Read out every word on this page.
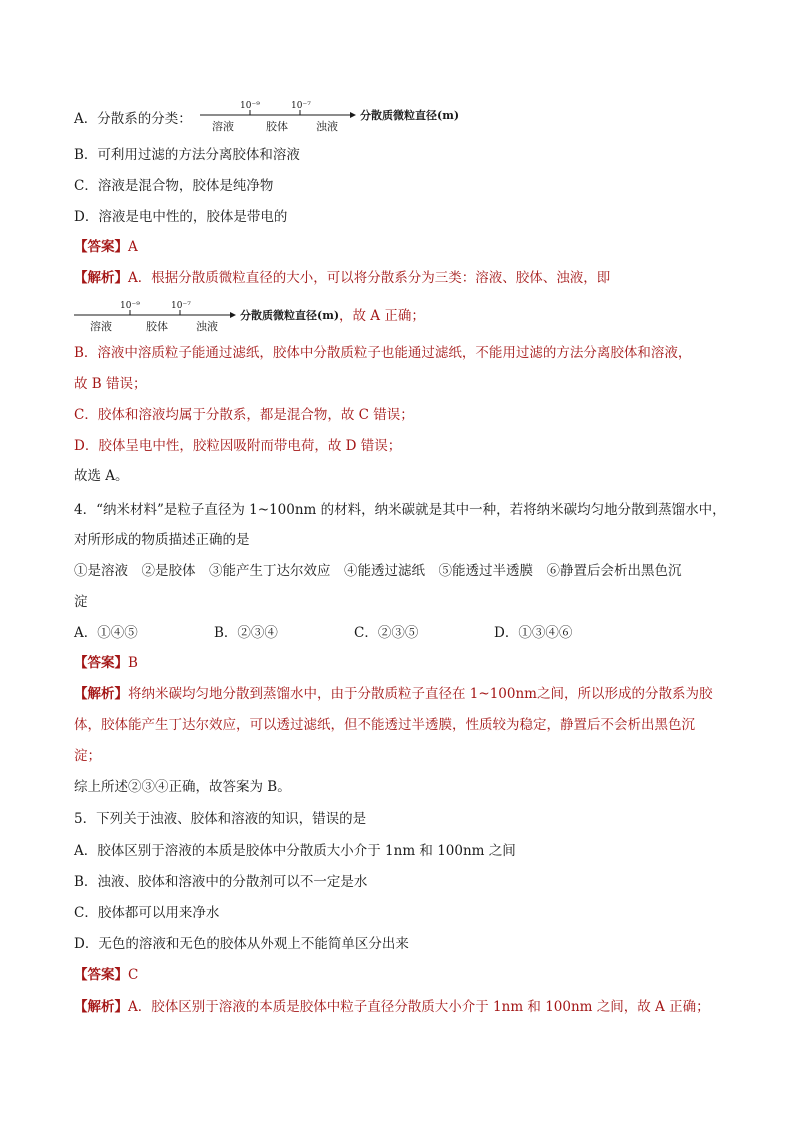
A．分散系的分类：
10⁻⁹	10⁻⁷
溶液	胶体	浊液
分散质微粒直径(m)
B．可利用过滤的方法分离胶体和溶液
C．溶液是混合物，胶体是纯净物
D．溶液是电中性的，胶体是带电的
【答案】A
【解析】A．根据分散质微粒直径的大小，可以将分散系分为三类：溶液、胶体、浊液，即
10⁻⁹	10⁻⁷
溶液	胶体	浊液
分散质微粒直径(m) ，故 A 正确；
B．溶液中溶质粒子能通过滤纸，胶体中分散质粒子也能通过滤纸，不能用过滤的方法分离胶体和溶液，
故 B 错误；
C．胶体和溶液均属于分散系，都是混合物，故 C 错误；
D．胶体呈电中性，胶粒因吸附而带电荷，故 D 错误；
故选 A。
4．“纳米材料”是粒子直径为 1~100nm 的材料，纳米碳就是其中一种，若将纳米碳均匀地分散到蒸馏水中，
对所形成的物质描述正确的是
①是溶液　②是胶体　③能产生丁达尔效应　④能透过滤纸　⑤能透过半透膜　⑥静置后会析出黑色沉
淀
A．①④⑤	B．②③④	C．②③⑤	D．①③④⑥
【答案】B
【解析】将纳米碳均匀地分散到蒸馏水中，由于分散质粒子直径在 1~100nm之间，所以形成的分散系为胶
体，胶体能产生丁达尔效应，可以透过滤纸，但不能透过半透膜，性质较为稳定，静置后不会析出黑色沉
淀；
综上所述②③④正确，故答案为 B。
5．下列关于浊液、胶体和溶液的知识，错误的是
A．胶体区别于溶液的本质是胶体中分散质大小介于 1nm 和 100nm 之间
B．浊液、胶体和溶液中的分散剂可以不一定是水
C．胶体都可以用来净水
D．无色的溶液和无色的胶体从外观上不能简单区分出来
【答案】C
【解析】A．胶体区别于溶液的本质是胶体中粒子直径分散质大小介于 1nm 和 100nm 之间，故 A 正确；
